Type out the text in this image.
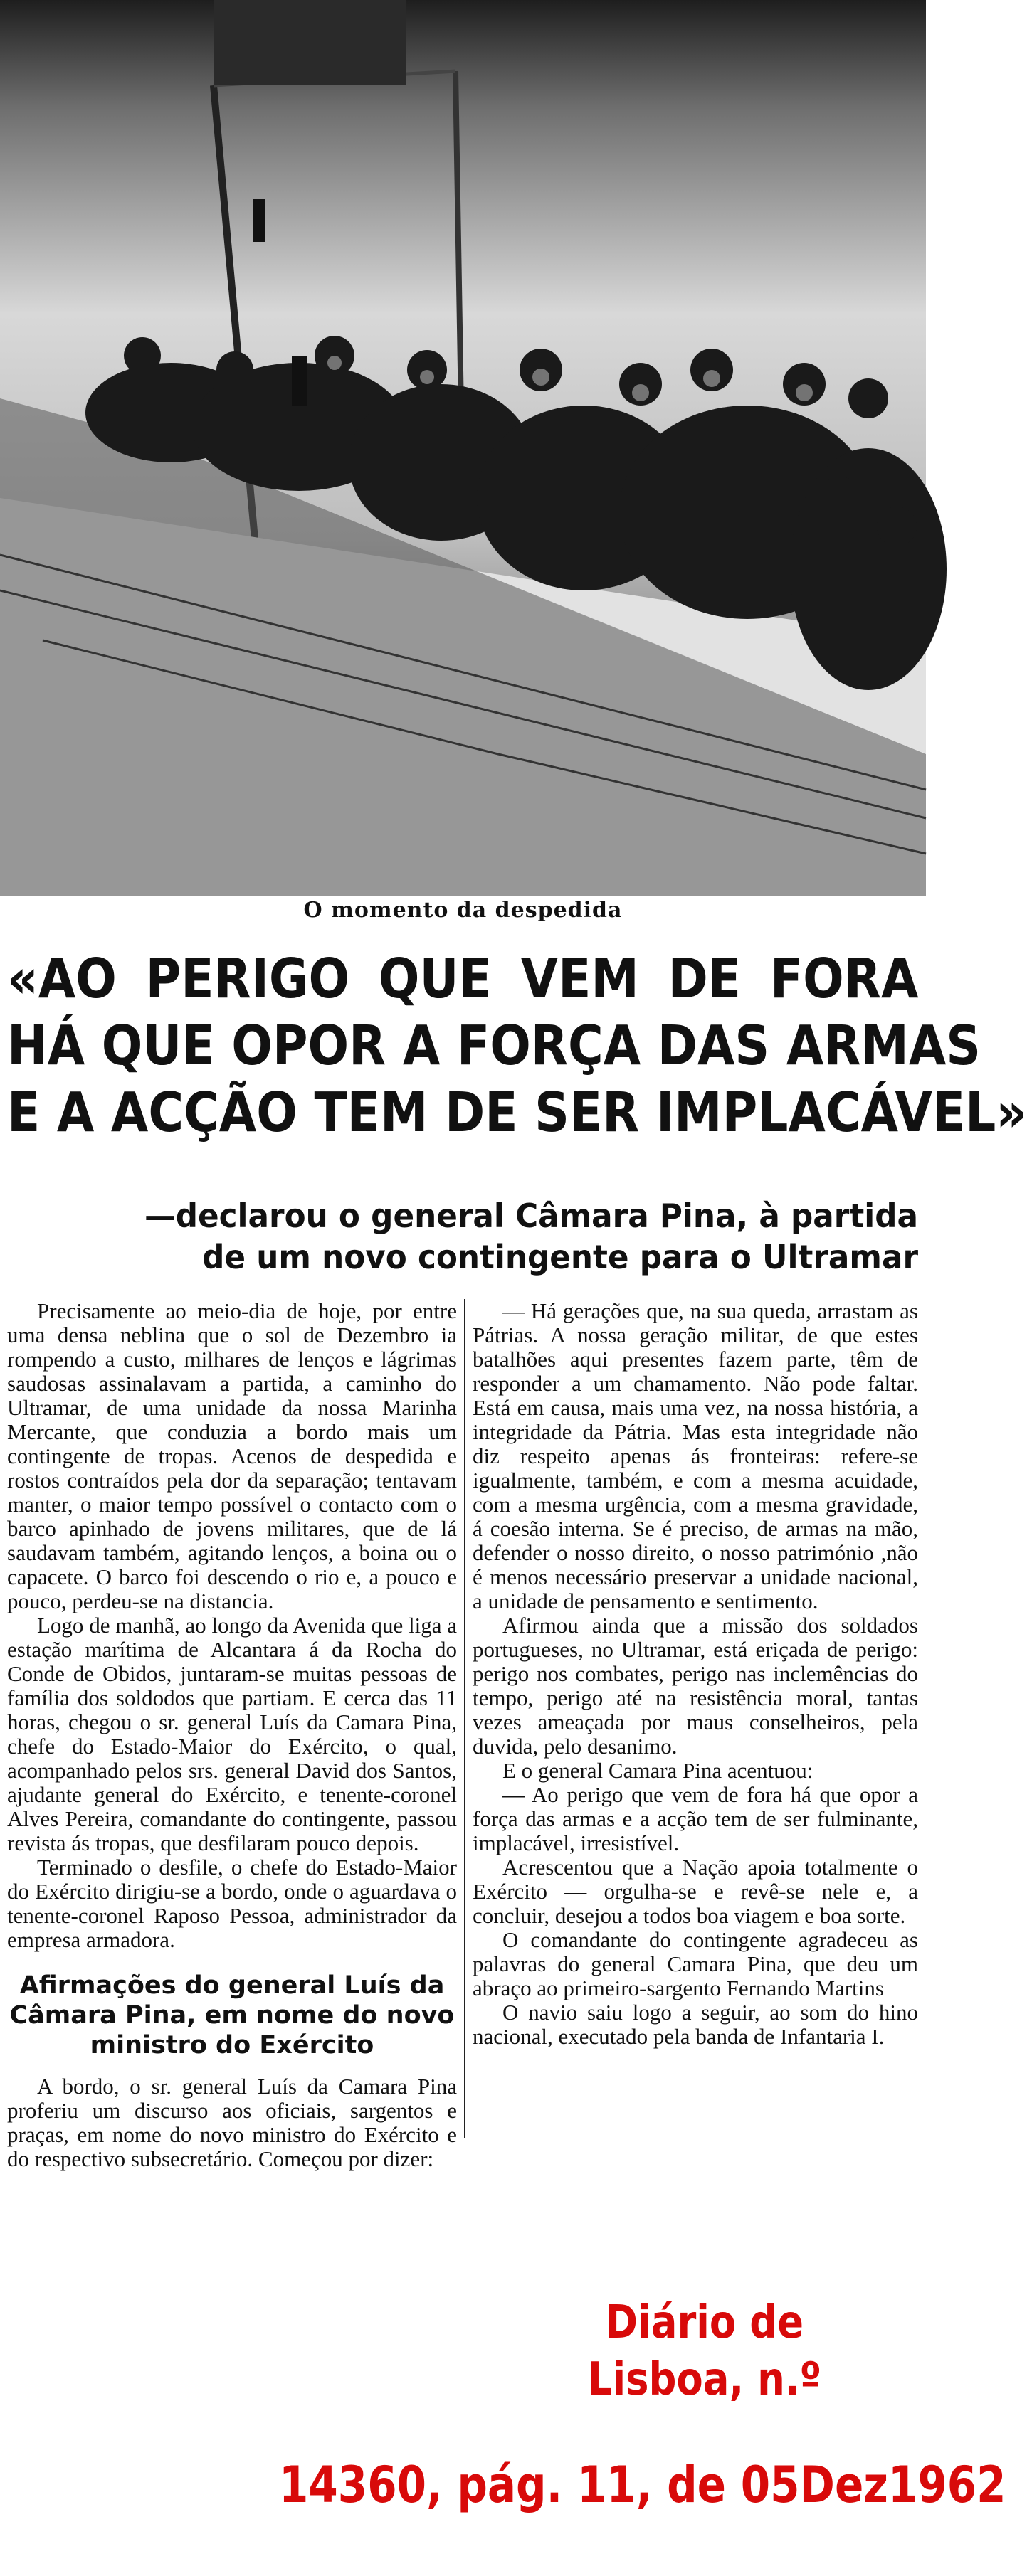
O momento da despedida
«AO PERIGO QUE VEM DE FORA
HÁ QUE OPOR A FORÇA DAS ARMAS
E A ACÇÃO TEM DE SER IMPLACÁVEL»
—declarou o general Câmara Pina, à partida
de um novo contingente para o Ultramar

Precisamente ao meio-dia de hoje, por entre uma densa neblina que o sol de Dezembro ia rompendo a custo, milhares de lenços e lágrimas saudosas assinalavam a partida, a caminho do Ultramar, de uma unidade da nossa Marinha Mercante, que conduzia a bordo mais um contingente de tropas. Acenos de despedida e rostos contraídos pela dor da separação; tentavam manter, o maior tempo possível o contacto com o barco apinhado de jovens militares, que de lá saudavam também, agitando lenços, a boina ou o capacete. O barco foi descendo o rio e, a pouco e pouco, perdeu-se na distancia.

Logo de manhã, ao longo da Avenida que liga a estação marítima de Alcantara á da Rocha do Conde de Obidos, juntaram-se muitas pessoas de família dos soldodos que partiam. E cerca das 11 horas, chegou o sr. general Luís da Camara Pina, chefe do Estado-Maior do Exército, o qual, acompanhado pelos srs. general David dos Santos, ajudante general do Exército, e tenente-coronel Alves Pereira, comandante do contingente, passou revista ás tropas, que desfilaram pouco depois.

Terminado o desfile, o chefe do Estado-Maior do Exército dirigiu-se a bordo, onde o aguardava o tenente-coronel Raposo Pessoa, administrador da empresa armadora.

Afirmações do general Luís da Câmara Pina, em nome do novo ministro do Exército

A bordo, o sr. general Luís da Camara Pina proferiu um discurso aos oficiais, sargentos e praças, em nome do novo ministro do Exército e do respectivo subsecretário. Começou por dizer:

— Há gerações que, na sua queda, arrastam as Pátrias. A nossa geração militar, de que estes batalhões aqui presentes fazem parte, têm de responder a um chamamento. Não pode faltar. Está em causa, mais uma vez, na nossa história, a integridade da Pátria. Mas esta integridade não diz respeito apenas ás fronteiras: refere-se igualmente, também, e com a mesma acuidade, com a mesma urgência, com a mesma gravidade, á coesão interna. Se é preciso, de armas na mão, defender o nosso direito, o nosso património ,não é menos necessário preservar a unidade nacional, a unidade de pensamento e sentimento.

Afirmou ainda que a missão dos soldados portugueses, no Ultramar, está eriçada de perigo: perigo nos combates, perigo nas inclemências do tempo, perigo até na resistência moral, tantas vezes ameaçada por maus conselheiros, pela duvida, pelo desanimo.

E o general Camara Pina acentuou:

— Ao perigo que vem de fora há que opor a força das armas e a acção tem de ser fulminante, implacável, irresistível.

Acrescentou que a Nação apoia totalmente o Exército — orgulha-se e revê-se nele e, a concluir, desejou a todos boa viagem e boa sorte.

O comandante do contingente agradeceu as palavras do general Camara Pina, que deu um abraço ao primeiro-sargento Fernando Martins

O navio saiu logo a seguir, ao som do hino nacional, executado pela banda de Infantaria I.

Diário de Lisboa, n.º
14360, pág. 11, de 05Dez1962
